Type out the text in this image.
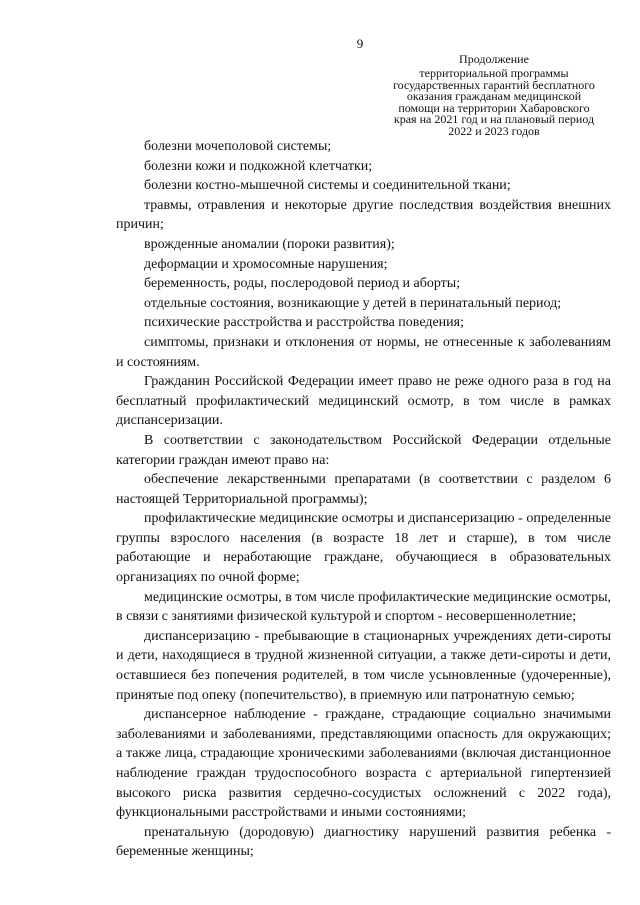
9
Продолжение
территориальной программы
государственных гарантий бесплатного
оказания гражданам медицинской
помощи на территории Хабаровского
края на 2021 год и на плановый период
2022 и 2023 годов

болезни мочеполовой системы;

болезни кожи и подкожной клетчатки;

болезни костно-мышечной системы и соединительной ткани;

травмы, отравления и некоторые другие последствия воздействия внешних причин;

врожденные аномалии (пороки развития);

деформации и хромосомные нарушения;

беременность, роды, послеродовой период и аборты;

отдельные состояния, возникающие у детей в перинатальный период;

психические расстройства и расстройства поведения;

симптомы, признаки и отклонения от нормы, не отнесенные к заболеваниям и состояниям.

Гражданин Российской Федерации имеет право не реже одного раза в год на бесплатный профилактический медицинский осмотр, в том числе в рамках диспансеризации.

В соответствии с законодательством Российской Федерации отдельные категории граждан имеют право на:

обеспечение лекарственными препаратами (в соответствии с разделом 6 настоящей Территориальной программы);

профилактические медицинские осмотры и диспансеризацию - определенные группы взрослого населения (в возрасте 18 лет и старше), в том числе работающие и неработающие граждане, обучающиеся в образовательных организациях по очной форме;

медицинские осмотры, в том числе профилактические медицинские осмотры, в связи с занятиями физической культурой и спортом - несовершеннолетние;

диспансеризацию - пребывающие в стационарных учреждениях дети-сироты и дети, находящиеся в трудной жизненной ситуации, а также дети-сироты и дети, оставшиеся без попечения родителей, в том числе усыновленные (удочеренные), принятые под опеку (попечительство), в приемную или патронатную семью;

диспансерное наблюдение - граждане, страдающие социально значимыми заболеваниями и заболеваниями, представляющими опасность для окружающих; а также лица, страдающие хроническими заболеваниями (включая дистанционное наблюдение граждан трудоспособного возраста с артериальной гипертензией высокого риска развития сердечно-сосудистых осложнений с 2022 года), функциональными расстройствами и иными состояниями;

пренатальную (дородовую) диагностику нарушений развития ребенка - беременные женщины;
